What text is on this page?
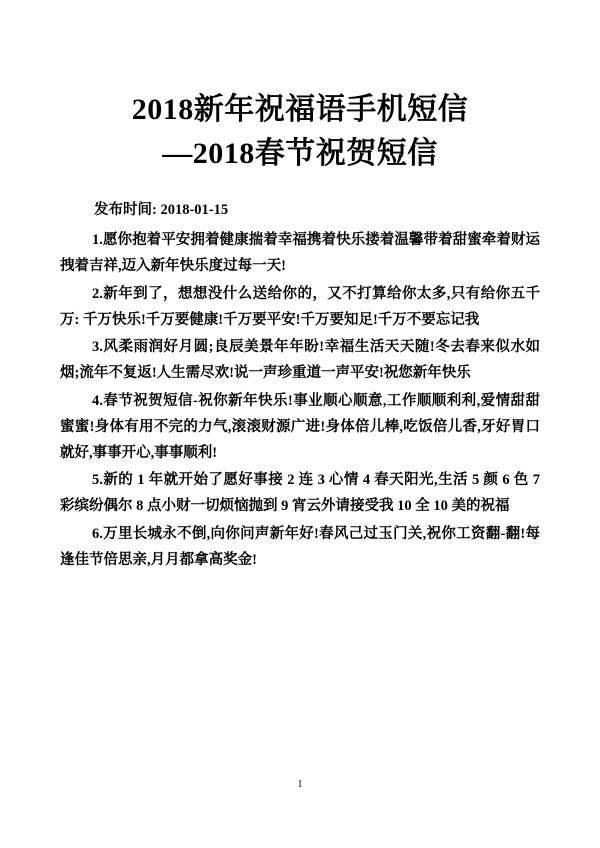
2018新年祝福语手机短信
—2018春节祝贺短信
发布时间: 2018-01-15

1.愿你抱着平安拥着健康揣着幸福携着快乐搂着温馨带着甜蜜牵着财运拽着吉祥,迈入新年快乐度过每一天!

2.新年到了，想想没什么送给你的，又不打算给你太多,只有给你五千万: 千万快乐!千万要健康!千万要平安!千万要知足!千万不要忘记我

3.风柔雨润好月圆;良辰美景年年盼!幸福生活天天随!冬去春来似水如烟;流年不复返!人生需尽欢!说一声珍重道一声平安!祝您新年快乐

4.春节祝贺短信-祝你新年快乐!事业顺心顺意,工作顺顺利利,爱情甜甜蜜蜜!身体有用不完的力气,滚滚财源广进!身体倍儿棒,吃饭倍儿香,牙好胃口就好,事事开心,事事顺利!

5.新的 1 年就开始了愿好事接 2 连 3 心情 4 春天阳光,生活 5 颜 6 色 7 彩缤纷偶尔 8 点小财一切烦恼抛到 9 宵云外请接受我 10 全 10 美的祝福

6.万里长城永不倒,向你问声新年好!春风己过玉门关,祝你工资翻-翻!每逢佳节倍思亲,月月都拿高奖金!

1
